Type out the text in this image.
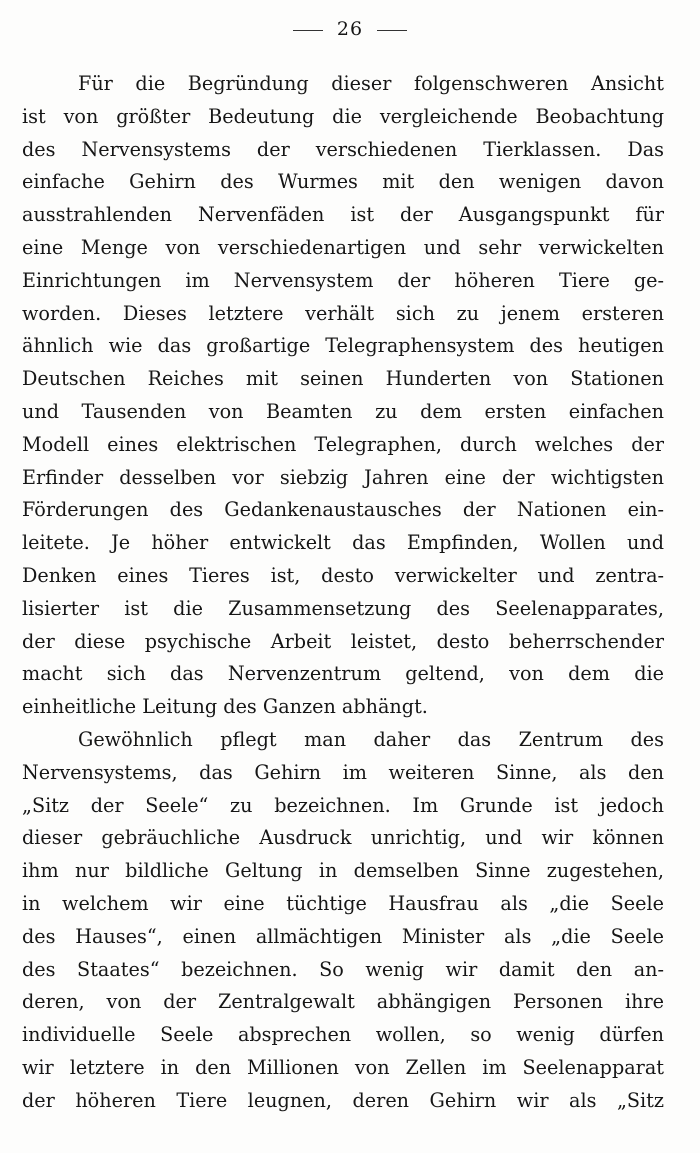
26
Für die Begründung dieser folgenschweren Ansicht
ist von größter Bedeutung die vergleichende Beobachtung
des Nervensystems der verschiedenen Tierklassen. Das
einfache Gehirn des Wurmes mit den wenigen davon
ausstrahlenden Nervenfäden ist der Ausgangspunkt für
eine Menge von verschiedenartigen und sehr verwickelten
Einrichtungen im Nervensystem der höheren Tiere ge-
worden. Dieses letztere verhält sich zu jenem ersteren
ähnlich wie das großartige Telegraphensystem des heutigen
Deutschen Reiches mit seinen Hunderten von Stationen
und Tausenden von Beamten zu dem ersten einfachen
Modell eines elektrischen Telegraphen, durch welches der
Erfinder desselben vor siebzig Jahren eine der wichtigsten
Förderungen des Gedankenaustausches der Nationen ein-
leitete. Je höher entwickelt das Empfinden, Wollen und
Denken eines Tieres ist, desto verwickelter und zentra-
lisierter ist die Zusammensetzung des Seelenapparates,
der diese psychische Arbeit leistet, desto beherrschender
macht sich das Nervenzentrum geltend, von dem die
einheitliche Leitung des Ganzen abhängt.
Gewöhnlich pflegt man daher das Zentrum des
Nervensystems, das Gehirn im weiteren Sinne, als den
„Sitz der Seele“ zu bezeichnen. Im Grunde ist jedoch
dieser gebräuchliche Ausdruck unrichtig, und wir können
ihm nur bildliche Geltung in demselben Sinne zugestehen,
in welchem wir eine tüchtige Hausfrau als „die Seele
des Hauses“, einen allmächtigen Minister als „die Seele
des Staates“ bezeichnen. So wenig wir damit den an-
deren, von der Zentralgewalt abhängigen Personen ihre
individuelle Seele absprechen wollen, so wenig dürfen
wir letztere in den Millionen von Zellen im Seelenapparat
der höheren Tiere leugnen, deren Gehirn wir als „Sitz
